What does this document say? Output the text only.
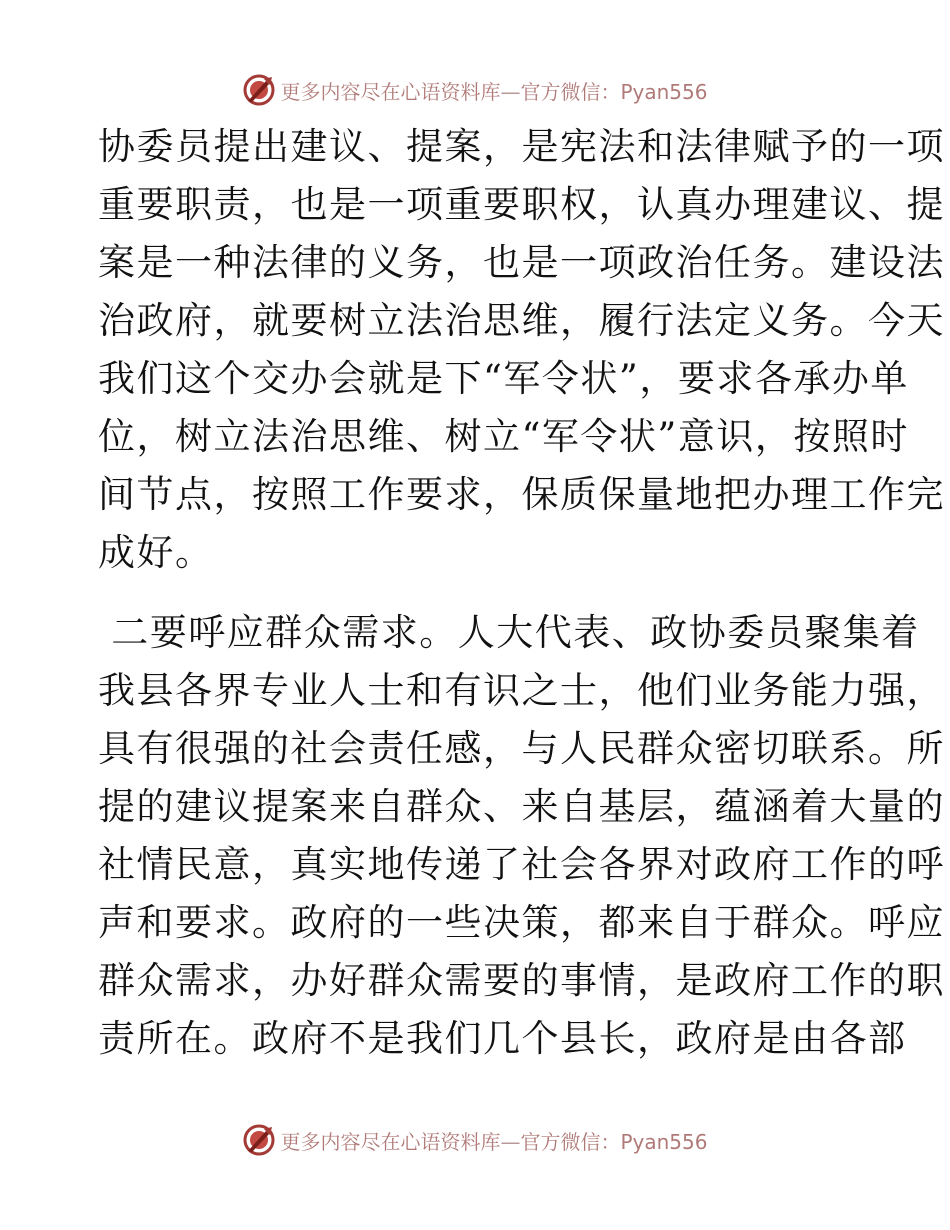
更多内容尽在心语资料库—官方微信：Pyan556
协委员提出建议、提案，是宪法和法律赋予的一项
重要职责，也是一项重要职权，认真办理建议、提
案是一种法律的义务，也是一项政治任务。建设法
治政府，就要树立法治思维，履行法定义务。今天
我们这个交办会就是下“军令状”，要求各承办单
位，树立法治思维、树立“军令状”意识，按照时
间节点，按照工作要求，保质保量地把办理工作完
成好。
二要呼应群众需求。人大代表、政协委员聚集着
我县各界专业人士和有识之士，他们业务能力强，
具有很强的社会责任感，与人民群众密切联系。所
提的建议提案来自群众、来自基层，蕴涵着大量的
社情民意，真实地传递了社会各界对政府工作的呼
声和要求。政府的一些决策，都来自于群众。呼应
群众需求，办好群众需要的事情，是政府工作的职
责所在。政府不是我们几个县长，政府是由各部
更多内容尽在心语资料库—官方微信：Pyan556
